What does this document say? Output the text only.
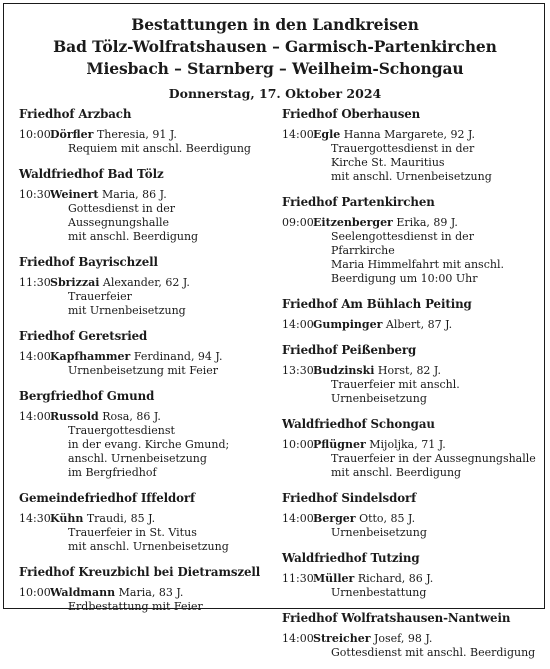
Bestattungen in den Landkreisen
Bad Tölz-Wolfratshausen – Garmisch-Partenkirchen
Miesbach – Starnberg – Weilheim-Schongau
Donnerstag, 17. Oktober 2024
Friedhof Arzbach
10:00 Dörfler Theresia, 91 J.
Requiem mit anschl. Beerdigung
Waldfriedhof Bad Tölz
10:30 Weinert Maria, 86 J.
Gottesdienst in der
Aussegnungshalle
mit anschl. Beerdigung
Friedhof Bayrischzell
11:30 Sbrizzai Alexander, 62 J.
Trauerfeier
mit Urnenbeisetzung
Friedhof Geretsried
14:00 Kapfhammer Ferdinand, 94 J.
Urnenbeisetzung mit Feier
Bergfriedhof Gmund
14:00 Russold Rosa, 86 J.
Trauergottesdienst
in der evang. Kirche Gmund;
anschl. Urnenbeisetzung
im Bergfriedhof
Gemeindefriedhof Iffeldorf
14:30 Kühn Traudi, 85 J.
Trauerfeier in St. Vitus
mit anschl. Urnenbeisetzung
Friedhof Kreuzbichl bei Dietramszell
10:00 Waldmann Maria, 83 J.
Erdbestattung mit Feier
Friedhof Oberhausen
14:00 Egle Hanna Margarete, 92 J.
Trauergottesdienst in der
Kirche St. Mauritius
mit anschl. Urnenbeisetzung
Friedhof Partenkirchen
09:00 Eitzenberger Erika, 89 J.
Seelengottesdienst in der Pfarrkirche
Maria Himmelfahrt mit anschl.
Beerdigung um 10:00 Uhr
Friedhof Am Bühlach Peiting
14:00 Gumpinger Albert, 87 J.
Friedhof Peißenberg
13:30 Budzinski Horst, 82 J.
Trauerfeier mit anschl.
Urnenbeisetzung
Waldfriedhof Schongau
10:00 Pflügner Mijoljka, 71 J.
Trauerfeier in der Aussegnungshalle
mit anschl. Beerdigung
Friedhof Sindelsdorf
14:00 Berger Otto, 85 J.
Urnenbeisetzung
Waldfriedhof Tutzing
11:30 Müller Richard, 86 J.
Urnenbestattung
Friedhof Wolfratshausen-Nantwein
14:00 Streicher Josef, 98 J.
Gottesdienst mit anschl. Beerdigung
